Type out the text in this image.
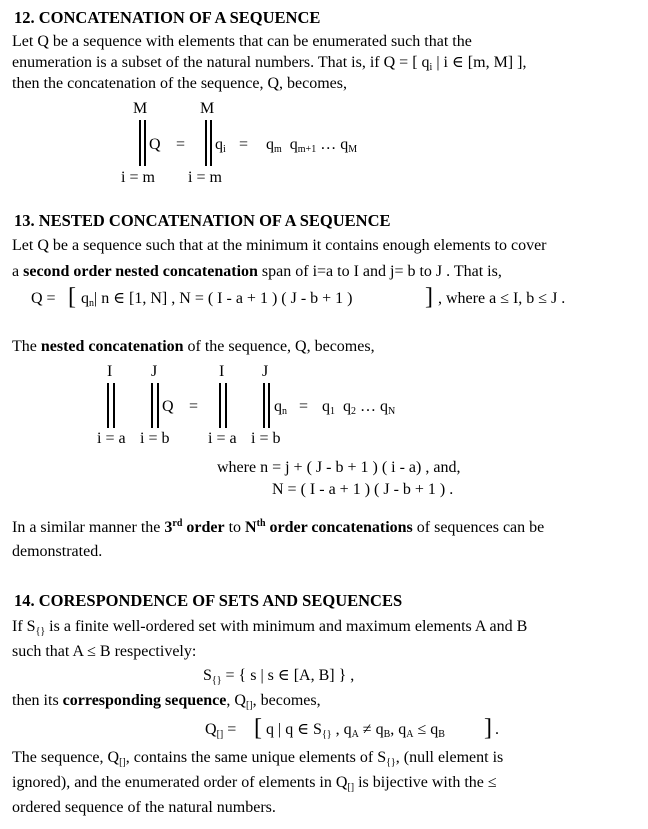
12. CONCATENATION OF A SEQUENCE
Let Q be a sequence with elements that can be enumerated such that the
enumeration is a subset of the natural numbers. That is, if Q = [ $q_i$ | i ∈ [m, M] ],
then the concatenation of the sequence, Q, becomes,
M
i = m
Q =
M
i = m
$q_i = q_m$ $q_{m+1}$ … $q_M$
13. NESTED CONCATENATION OF A SEQUENCE
Let Q be a sequence such that at the minimum it contains enough elements to cover
a second order nested concatenation span of i=a to I and j= b to J . That is,
Q = [ $q_n|$ n ∈ [1, N] , N = ( I - a + 1 ) ( J - b + 1 )	] , where a ≤ I, b ≤ J .
The nested concatenation of the sequence, Q, becomes,
I
i = a
J
i = b
Q =
I
i = a
J
i = b
$q_n = q_1$ $q_2$ … $q_N$
where n = j + ( J - b + 1 ) ( i - a) , and,
N = ( I - a + 1 ) ( J - b + 1 ) .
In a similar manner the 3rd order to $N^{th}$ order concatenations of sequences can be
demonstrated.
14. CORESPONDENCE OF SETS AND SEQUENCES
If $S_{\{\}}$ is a finite well-ordered set with minimum and maximum elements A and B
such that A ≤ B respectively:
$S_{\{\}}$ = { s | s ∈ [A, B] } ,
then its corresponding sequence, $Q_{[]}$, becomes,
$Q_{[]}$ = [ q | q ∈ $S_{\{\}}$ , $q_A \ne q_B$, $q_A \le q_B$ ] .
The sequence, $Q_{[]}$, contains the same unique elements of $S_{\{\}}$, (null element is
ignored), and the enumerated order of elements in $Q_{[]}$ is bijective with the ≤
ordered sequence of the natural numbers.
